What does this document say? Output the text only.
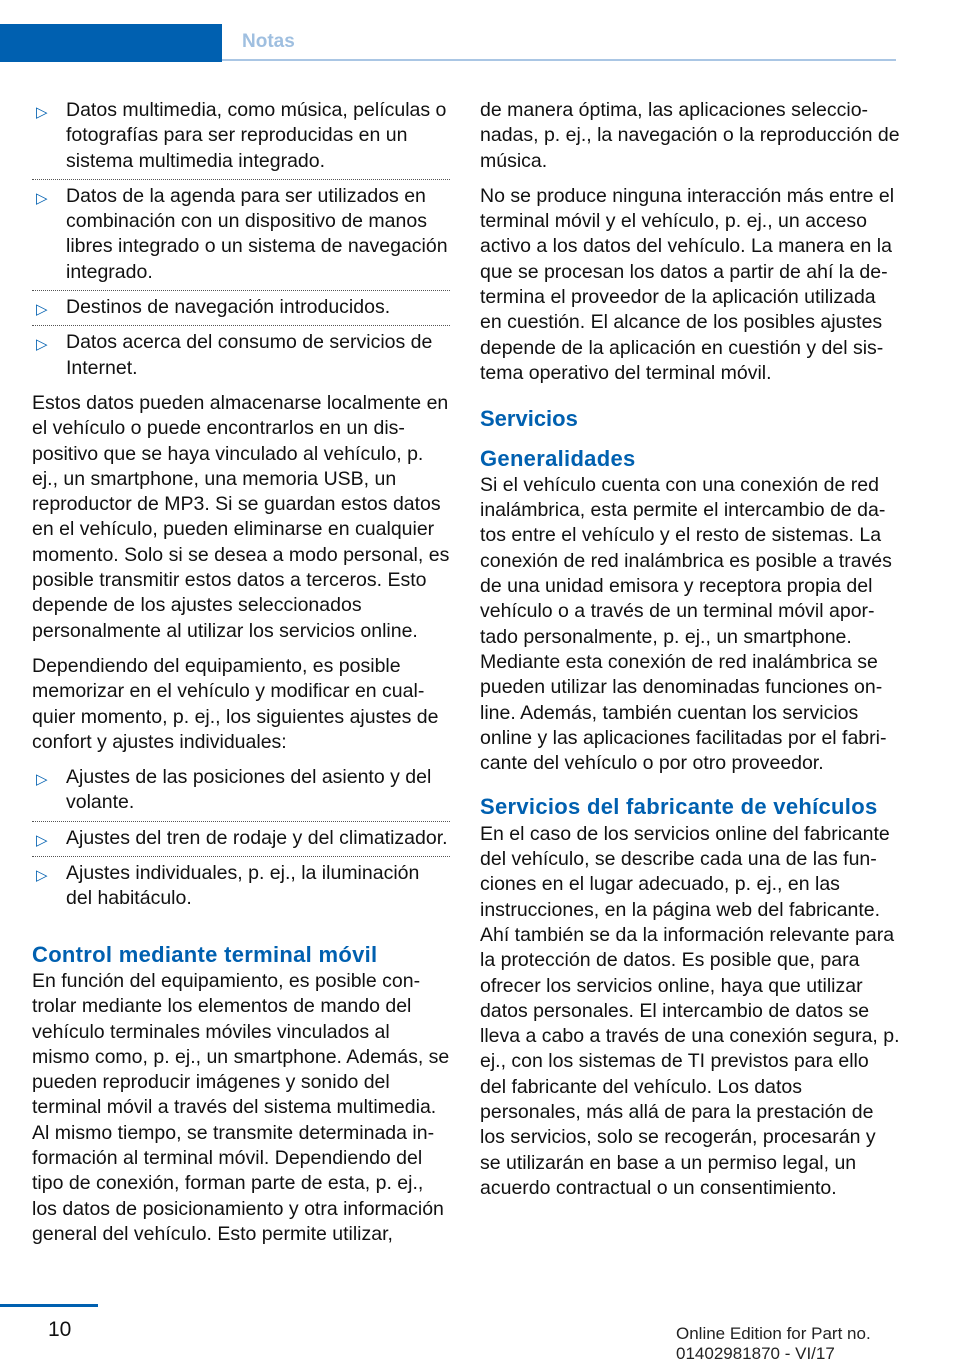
Notas
▷ Datos multimedia, como música, películas o fotografías para ser reproducidas en un sistema multimedia integrado.
▷ Datos de la agenda para ser utilizados en combinación con un dispositivo de manos libres integrado o un sistema de navegación integrado.
▷ Destinos de navegación introducidos.
▷ Datos acerca del consumo de servicios de Internet.

Estos datos pueden almacenarse localmente en el vehículo o puede encontrarlos en un dispositivo que se haya vinculado al vehículo, p. ej., un smartphone, una memoria USB, un reproductor de MP3. Si se guardan estos datos en el vehículo, pueden eliminarse en cualquier momento. Solo si se desea a modo personal, es posible transmitir estos datos a terceros. Esto depende de los ajustes seleccionados personalmente al utilizar los servicios online.

Dependiendo del equipamiento, es posible memorizar en el vehículo y modificar en cualquier momento, p. ej., los siguientes ajustes de confort y ajustes individuales:

▷ Ajustes de las posiciones del asiento y del volante.
▷ Ajustes del tren de rodaje y del climatizador.
▷ Ajustes individuales, p. ej., la iluminación del habitáculo.
Control mediante terminal móvil

En función del equipamiento, es posible controlar mediante los elementos de mando del vehículo terminales móviles vinculados al mismo como, p. ej., un smartphone. Además, se pueden reproducir imágenes y sonido del terminal móvil a través del sistema multimedia. Al mismo tiempo, se transmite determinada información al terminal móvil. Dependiendo del tipo de conexión, forman parte de esta, p. ej., los datos de posicionamiento y otra información general del vehículo. Esto permite utilizar,

de manera óptima, las aplicaciones seleccionadas, p. ej., la navegación o la reproducción de música.

No se produce ninguna interacción más entre el terminal móvil y el vehículo, p. ej., un acceso activo a los datos del vehículo. La manera en la que se procesan los datos a partir de ahí la determina el proveedor de la aplicación utilizada en cuestión. El alcance de los posibles ajustes depende de la aplicación en cuestión y del sistema operativo del terminal móvil.

Servicios
Generalidades

Si el vehículo cuenta con una conexión de red inalámbrica, esta permite el intercambio de datos entre el vehículo y el resto de sistemas. La conexión de red inalámbrica es posible a través de una unidad emisora y receptora propia del vehículo o a través de un terminal móvil aportado personalmente, p. ej., un smartphone. Mediante esta conexión de red inalámbrica se pueden utilizar las denominadas funciones online. Además, también cuentan los servicios online y las aplicaciones facilitadas por el fabricante del vehículo o por otro proveedor.

Servicios del fabricante de vehículos

En el caso de los servicios online del fabricante del vehículo, se describe cada una de las funciones en el lugar adecuado, p. ej., en las instrucciones, en la página web del fabricante. Ahí también se da la información relevante para la protección de datos. Es posible que, para ofrecer los servicios online, haya que utilizar datos personales. El intercambio de datos se lleva a cabo a través de una conexión segura, p. ej., con los sistemas de TI previstos para ello del fabricante del vehículo. Los datos personales, más allá de para la prestación de los servicios, solo se recogerán, procesarán y se utilizarán en base a un permiso legal, un acuerdo contractual o un consentimiento.

10	Online Edition for Part no. 01402981870 - VI/17
